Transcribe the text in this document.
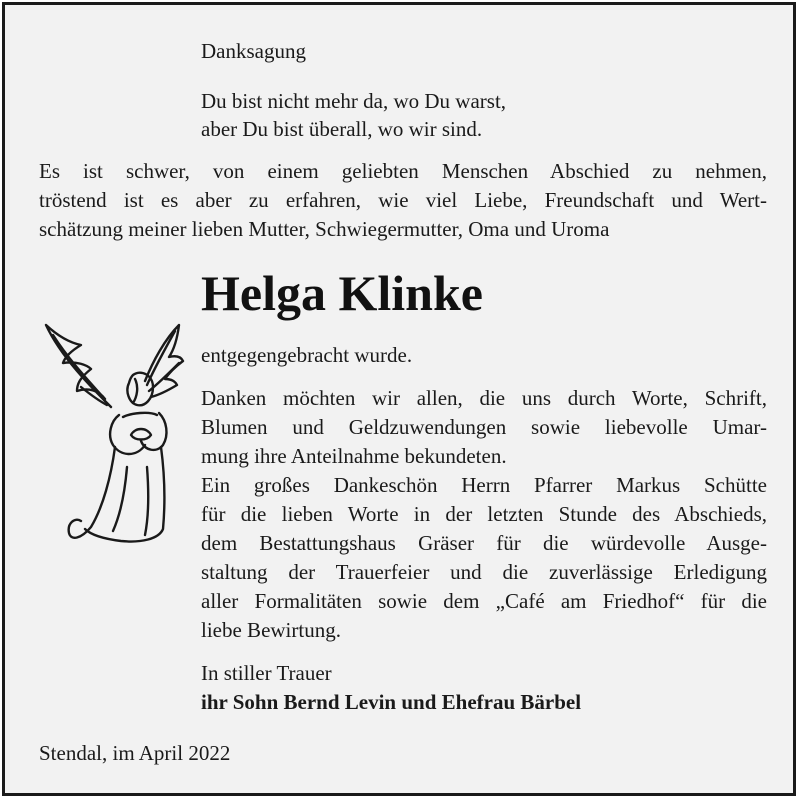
Danksagung
Du bist nicht mehr da, wo Du warst,
aber Du bist überall, wo wir sind.
Es ist schwer, von einem geliebten Menschen Abschied zu nehmen,
tröstend ist es aber zu erfahren, wie viel Liebe, Freundschaft und Wert-
schätzung meiner lieben Mutter, Schwiegermutter, Oma und Uroma
Helga Klinke
entgegengebracht wurde.
Danken möchten wir allen, die uns durch Worte, Schrift,
Blumen und Geldzuwendungen sowie liebevolle Umar-
mung ihre Anteilnahme bekundeten.
Ein großes Dankeschön Herrn Pfarrer Markus Schütte
für die lieben Worte in der letzten Stunde des Abschieds,
dem Bestattungshaus Gräser für die würdevolle Ausge-
staltung der Trauerfeier und die zuverlässige Erledigung
aller Formalitäten sowie dem „Café am Friedhof“ für die
liebe Bewirtung.
In stiller Trauer
ihr Sohn Bernd Levin und Ehefrau Bärbel
Stendal, im April 2022
